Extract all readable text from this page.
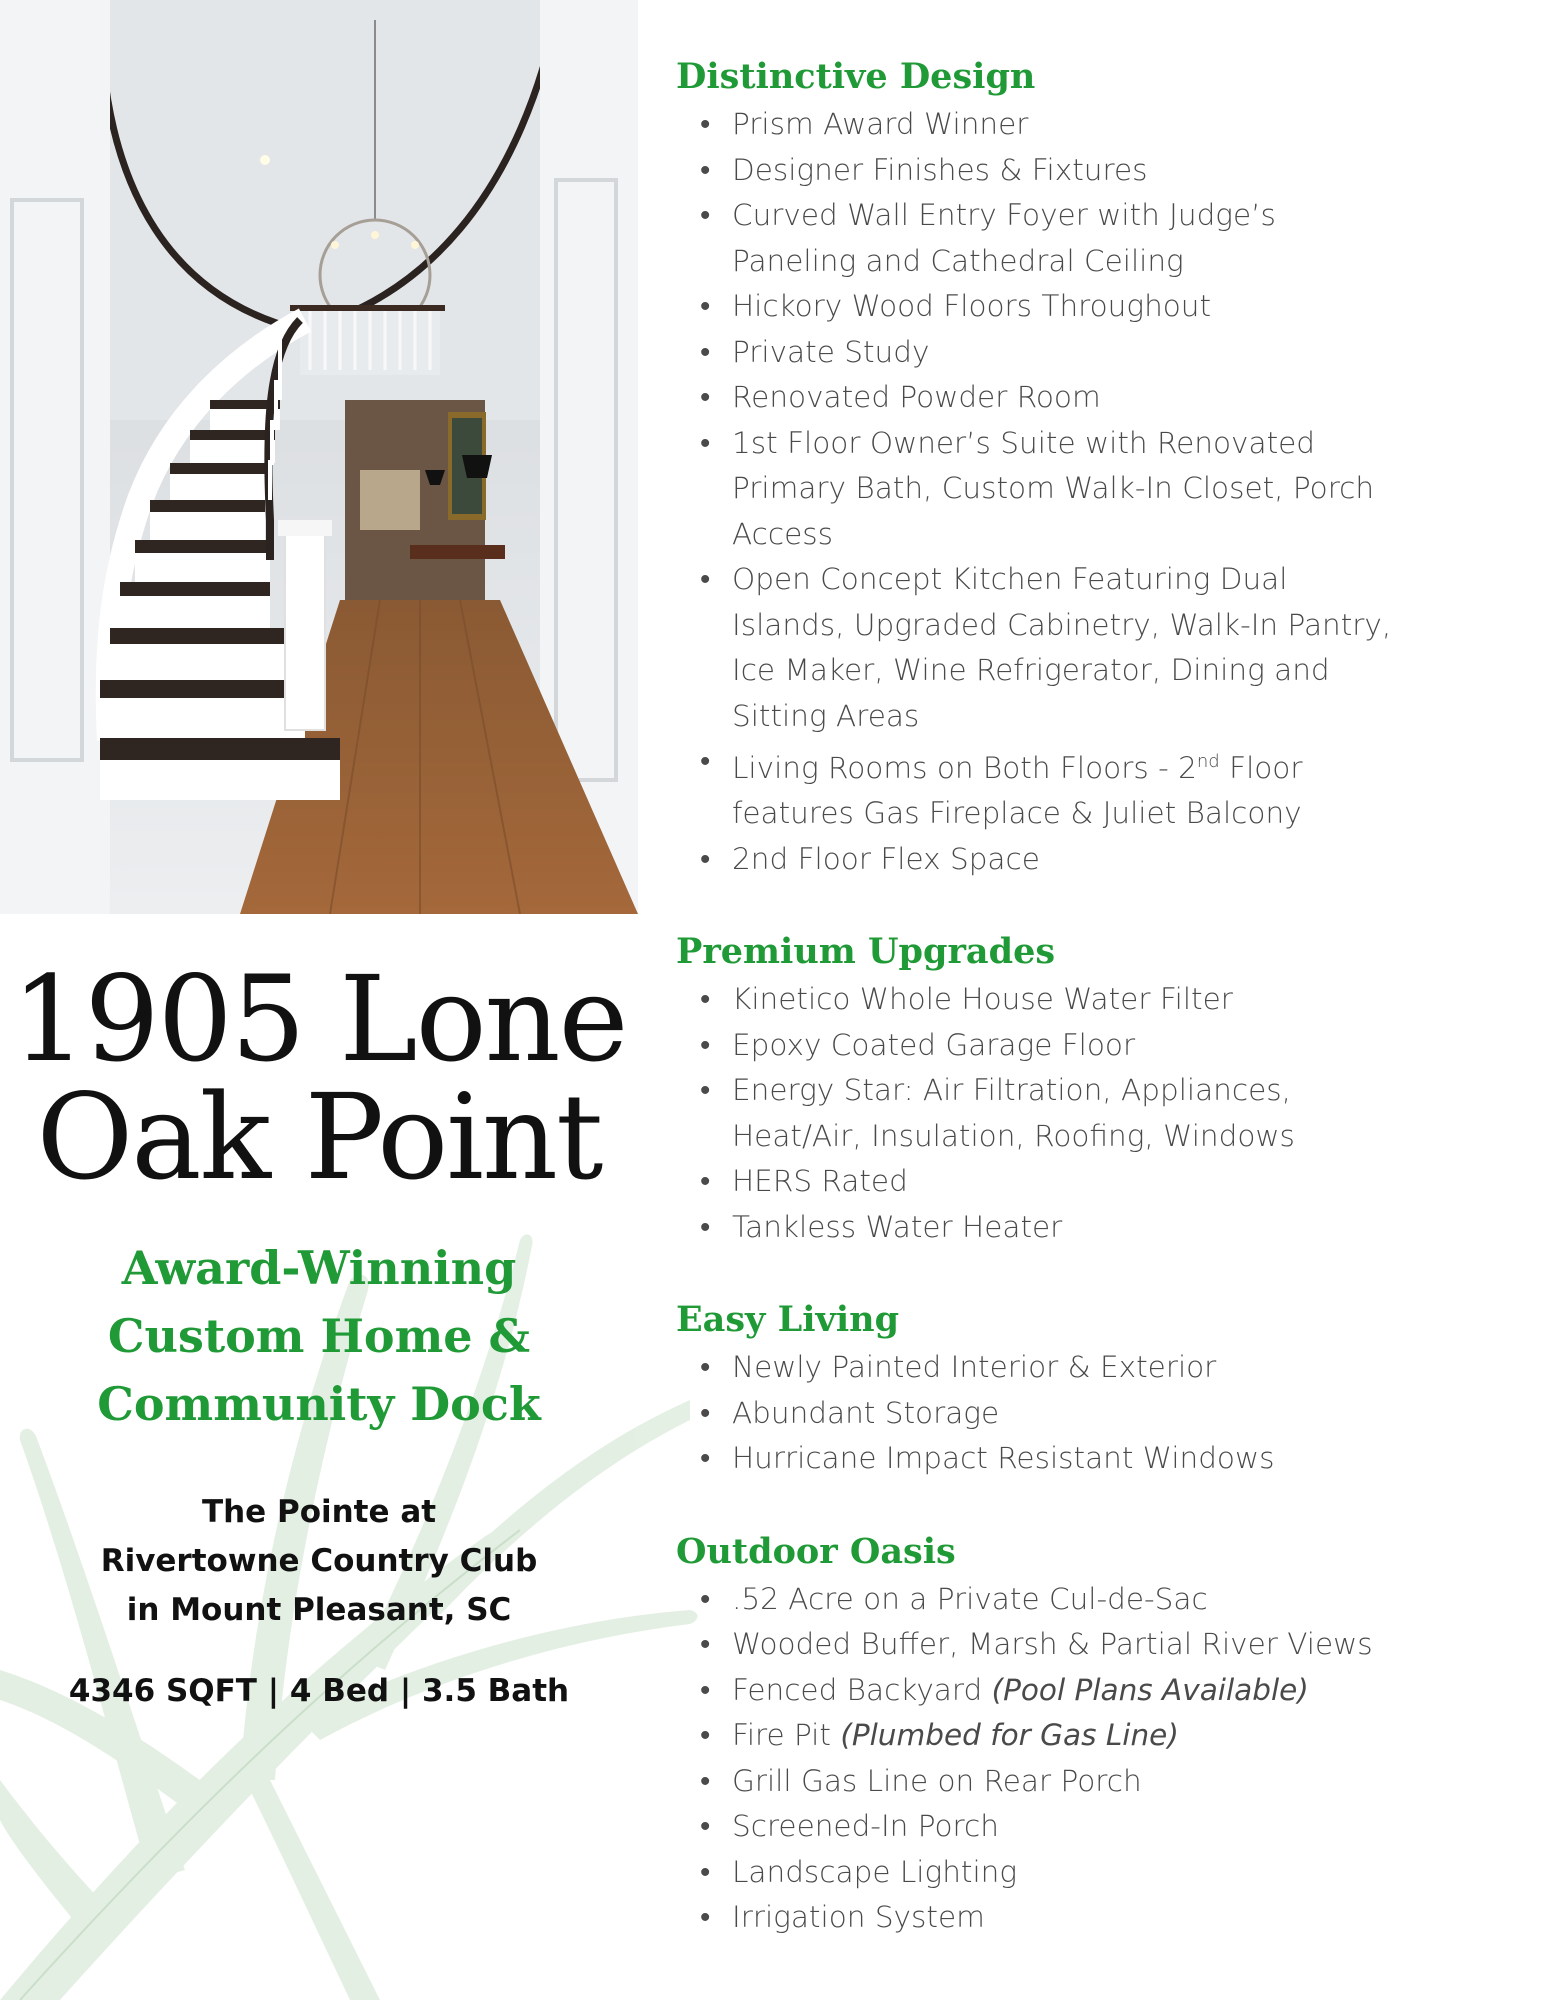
1905 Lone
Oak Point
Award-Winning
Custom Home &
Community Dock
The Pointe at
Rivertowne Country Club
in Mount Pleasant, SC
4346 SQFT | 4 Bed | 3.5 Bath
Distinctive Design
• Prism Award Winner
• Designer Finishes & Fixtures
• Curved Wall Entry Foyer with Judge’s
Paneling and Cathedral Ceiling
• Hickory Wood Floors Throughout
• Private Study
• Renovated Powder Room
• 1st Floor Owner’s Suite with Renovated
Primary Bath, Custom Walk-In Closet, Porch
Access
• Open Concept Kitchen Featuring Dual
Islands, Upgraded Cabinetry, Walk-In Pantry,
Ice Maker, Wine Refrigerator, Dining and
Sitting Areas
• Living Rooms on Both Floors - 2nd Floor
features Gas Fireplace & Juliet Balcony
• 2nd Floor Flex Space
Premium Upgrades
• Kinetico Whole House Water Filter
• Epoxy Coated Garage Floor
• Energy Star: Air Filtration, Appliances,
Heat/Air, Insulation, Roofing, Windows
• HERS Rated
• Tankless Water Heater
Easy Living
• Newly Painted Interior & Exterior
• Abundant Storage
• Hurricane Impact Resistant Windows
Outdoor Oasis
• .52 Acre on a Private Cul-de-Sac
• Wooded Buffer, Marsh & Partial River Views
• Fenced Backyard (Pool Plans Available)
• Fire Pit (Plumbed for Gas Line)
• Grill Gas Line on Rear Porch
• Screened-In Porch
• Landscape Lighting
• Irrigation System
